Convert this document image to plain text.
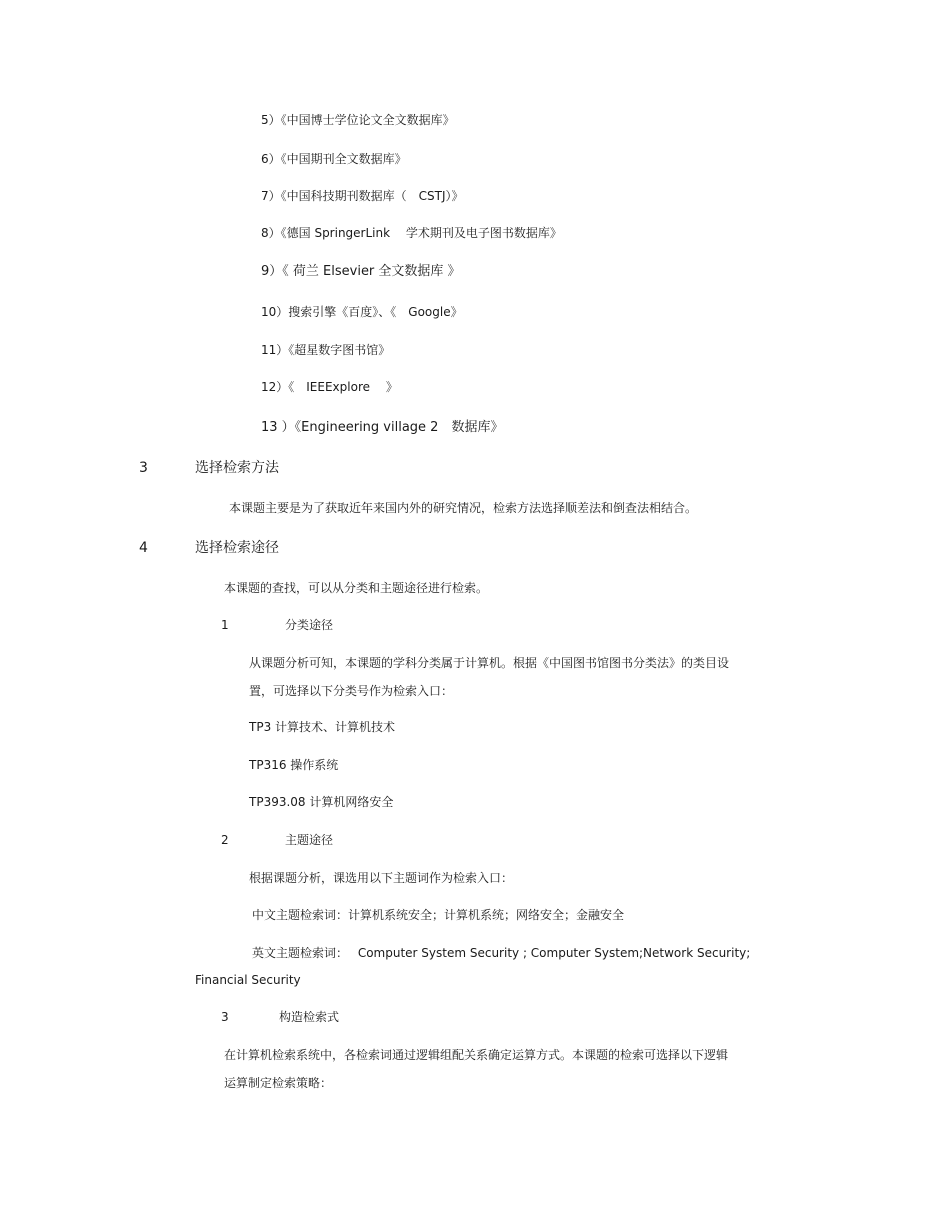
5）《中国博士学位论文全文数据库》
6）《中国期刊全文数据库》
7）《中国科技期刊数据库（　CSTJ）》
8）《德国 SpringerLink　 学术期刊及电子图书数据库》
9）《 荷兰 Elsevier 全文数据库 》
10）搜索引擎《百度》、《　Google》
11）《超星数字图书馆》
12）《　IEEExplore　 》
13 ）《Engineering village 2　数据库》
3	选择检索方法
本课题主要是为了获取近年来国内外的研究情况，检索方法选择顺差法和倒查法相结合。
4	选择检索途径
本课题的查找，可以从分类和主题途径进行检索。
1	分类途径
从课题分析可知，本课题的学科分类属于计算机。根据《中国图书馆图书分类法》的类目设
置，可选择以下分类号作为检索入口：
TP3 计算技术、计算机技术
TP316 操作系统
TP393.08 计算机网络安全
2	主题途径
根据课题分析，课选用以下主题词作为检索入口：
中文主题检索词：计算机系统安全；计算机系统；网络安全；金融安全
英文主题检索词：　 Computer System Security ; Computer System;Network Security;
Financial Security
3	构造检索式
在计算机检索系统中，各检索词通过逻辑组配关系确定运算方式。本课题的检索可选择以下逻辑
运算制定检索策略：
